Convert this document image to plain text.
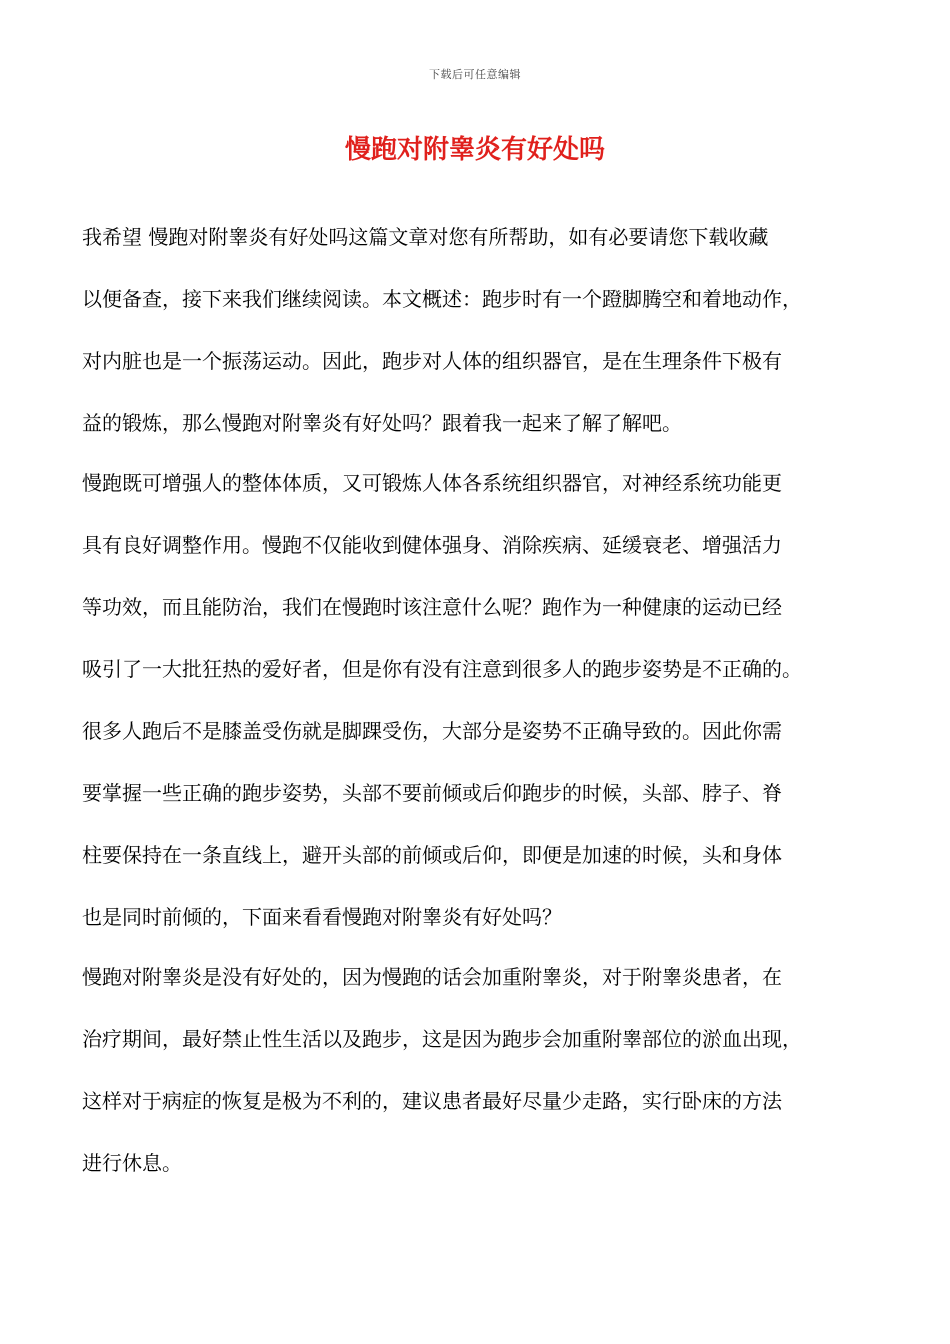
下载后可任意编辑
慢跑对附睾炎有好处吗
我希望 慢跑对附睾炎有好处吗这篇文章对您有所帮助，如有必要请您下载收藏
以便备查，接下来我们继续阅读。本文概述：跑步时有一个蹬脚腾空和着地动作，
对内脏也是一个振荡运动。因此，跑步对人体的组织器官，是在生理条件下极有
益的锻炼，那么慢跑对附睾炎有好处吗？跟着我一起来了解了解吧。
慢跑既可增强人的整体体质，又可锻炼人体各系统组织器官，对神经系统功能更
具有良好调整作用。慢跑不仅能收到健体强身、消除疾病、延缓衰老、增强活力
等功效，而且能防治，我们在慢跑时该注意什么呢？跑作为一种健康的运动已经
吸引了一大批狂热的爱好者，但是你有没有注意到很多人的跑步姿势是不正确的。
很多人跑后不是膝盖受伤就是脚踝受伤，大部分是姿势不正确导致的。因此你需
要掌握一些正确的跑步姿势，头部不要前倾或后仰跑步的时候，头部、脖子、脊
柱要保持在一条直线上，避开头部的前倾或后仰，即便是加速的时候，头和身体
也是同时前倾的，下面来看看慢跑对附睾炎有好处吗？
慢跑对附睾炎是没有好处的，因为慢跑的话会加重附睾炎，对于附睾炎患者，在
治疗期间，最好禁止性生活以及跑步，这是因为跑步会加重附睾部位的淤血出现，
这样对于病症的恢复是极为不利的，建议患者最好尽量少走路，实行卧床的方法
进行休息。
